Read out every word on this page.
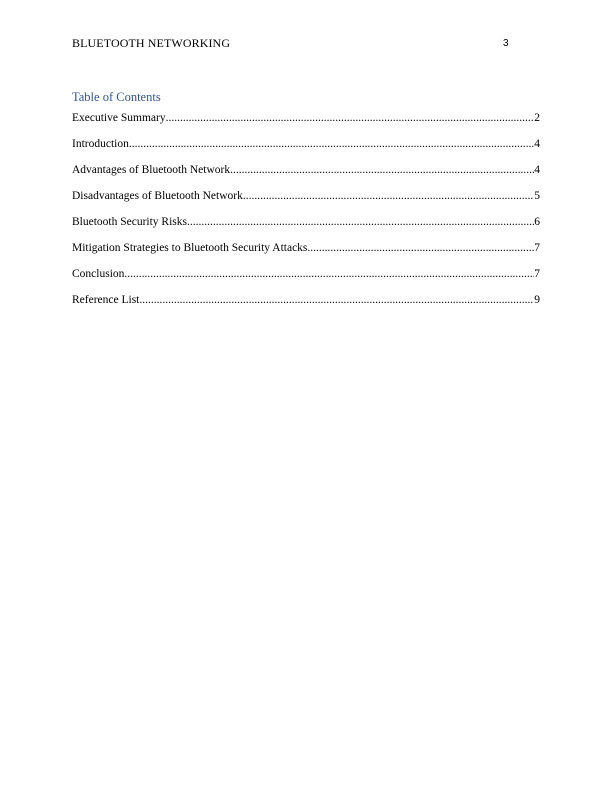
BLUETOOTH NETWORKING	3
Table of Contents
Executive Summary .....	2
Introduction .....	4
Advantages of Bluetooth Network .....	4
Disadvantages of Bluetooth Network .....	5
Bluetooth Security Risks .....	6
Mitigation Strategies to Bluetooth Security Attacks .....	7
Conclusion .....	7
Reference List .....	9
